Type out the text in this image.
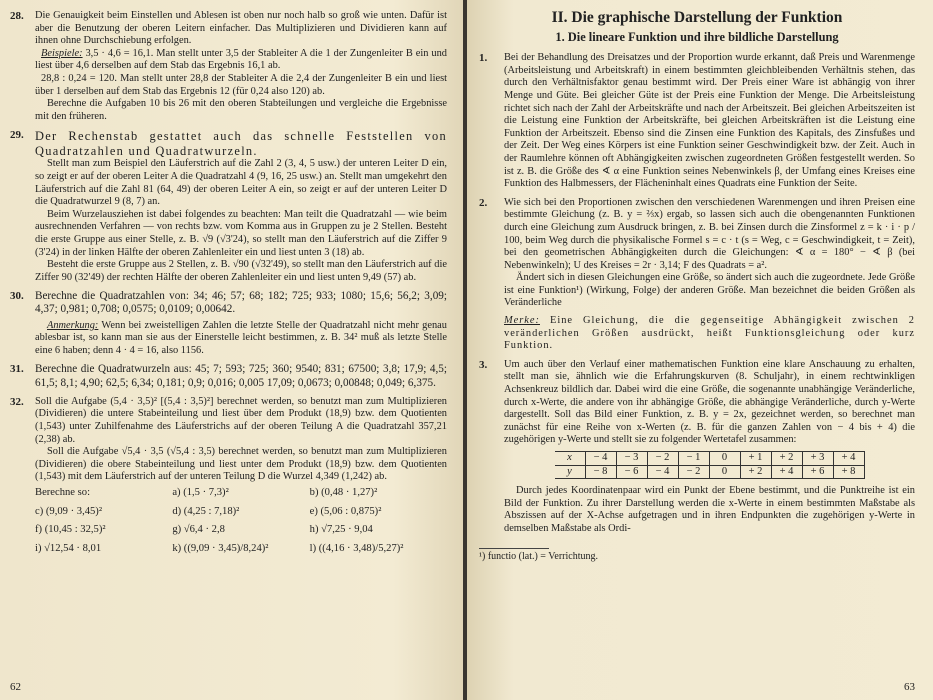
28.	Die Genauigkeit beim Einstellen und Ablesen ist oben nur noch halb so groß wie unten. Dafür ist aber die Benutzung der oberen Leitern einfacher. Das Multiplizieren und Dividieren kann auf ihnen ohne Durchschiebung erfolgen.

Beispiele: 3,5 · 4,6 = 16,1. Man stellt unter 3,5 der Stableiter A die 1 der Zungenleiter B ein und liest über 4,6 derselben auf dem Stab das Ergebnis 16,1 ab.

28,8 : 0,24 = 120. Man stellt unter 28,8 der Stableiter A die 2,4 der Zungenleiter B ein und liest über 1 derselben auf dem Stab das Ergebnis 12 (für 0,24 also 120) ab.

Berechne die Aufgaben 10 bis 26 mit den oberen Stabteilungen und vergleiche die Ergebnisse mit den früheren.

29. Der Rechenstab gestattet auch das schnelle Feststellen von Quadratzahlen und Quadratwurzeln.

Stellt man zum Beispiel den Läuferstrich auf die Zahl 2 (3, 4, 5 usw.) der unteren Leiter D ein, so zeigt er auf der oberen Leiter A die Quadratzahl 4 (9, 16, 25 usw.) an. Stellt man umgekehrt den Läuferstrich auf die Zahl 81 (64, 49) der oberen Leiter A ein, so zeigt er auf der unteren Leiter D die Quadratwurzel 9 (8, 7) an.

Beim Wurzelausziehen ist dabei folgendes zu beachten: Man teilt die Quadratzahl — wie beim ausrechnenden Verfahren — von rechts bzw. vom Komma aus in Gruppen zu je 2 Stellen. Besteht die erste Gruppe aus einer Stelle, z. B. √9 (√3'24), so stellt man den Läuferstrich auf die Ziffer 9 (3'24) in der linken Hälfte der oberen Zahlenleiter ein und liest unten 3 (18) ab.

Besteht die erste Gruppe aus 2 Stellen, z. B. √90 (√32'49), so stellt man den Läuferstrich auf die Ziffer 90 (32'49) der rechten Hälfte der oberen Zahlenleiter ein und liest unten 9,49 (57) ab.

30.	Berechne die Quadratzahlen von: 34; 46; 57; 68; 182; 725; 933; 1080; 15,6; 56,2; 3,09; 4,37; 0,981; 0,708; 0,0575; 0,0109; 0,00642.

Anmerkung: Wenn bei zweistelligen Zahlen die letzte Stelle der Quadratzahl nicht mehr genau ablesbar ist, so kann man sie aus der Einerstelle leicht bestimmen, z. B. 34² muß als letzte Stelle eine 6 haben; denn 4 · 4 = 16, also 1156.

31.	Berechne die Quadratwurzeln aus: 45; 7; 593; 725; 360; 9540; 831; 67500; 3,8; 17,9; 4,5; 61,5; 8,1; 4,90; 62,5; 6,34; 0,181; 0,9; 0,016; 0,005 17,09; 0,0673; 0,00848; 0,049; 6,375.

32.	Soll die Aufgabe (5,4 · 3,5)² [(5,4 : 3,5)²] berechnet werden, so benutzt man zum Multiplizieren (Dividieren) die untere Stabeinteilung und liest über dem Produkt (18,9) bzw. dem Quotienten (1,543) unter Zuhilfenahme des Läuferstrichs auf der oberen Teilung A die Quadratzahl 357,21 (2,38) ab.

Soll die Aufgabe √5,4 · 3,5 (√5,4 : 3,5) berechnet werden, so benutzt man zum Multiplizieren (Dividieren) die obere Stabeinteilung und liest unter dem Produkt (18,9) bzw. dem Quotienten (1,543) mit dem Läuferstrich auf der unteren Teilung D die Wurzel 4,349 (1,242) ab.

Berechne so:	a) (1,5 · 7,3)²	b) (0,48 · 1,27)²
c) (9,09 · 3,45)²	d) (4,25 : 7,18)²	e) (5,06 : 0,875)²
f) (10,45 : 32,5)²	g) √6,4 · 2,8	h) √7,25 · 9,04
i) √12,54 · 8,01	k) ((9,09 · 3,45)/8,24)²	l) ((4,16 · 3,48)/5,27)²
62
II. Die graphische Darstellung der Funktion
1. Die lineare Funktion und ihre bildliche Darstellung
1.	Bei der Behandlung des Dreisatzes und der Proportion wurde erkannt, daß Preis und Warenmenge (Arbeitsleistung und Arbeitskraft) in einem bestimmten gleichbleibenden Verhältnis stehen, das durch den Verhältnisfaktor genau bestimmt wird. Der Preis einer Ware ist abhängig von ihrer Menge und Güte. Bei gleicher Güte ist der Preis eine Funktion der Menge. Die Arbeitsleistung richtet sich nach der Zahl der Arbeitskräfte und nach der Arbeitszeit. Bei gleichen Arbeitszeiten ist die Leistung eine Funktion der Arbeitskräfte, bei gleichen Arbeitskräften ist die Leistung eine Funktion der Arbeitszeit. Ebenso sind die Zinsen eine Funktion des Kapitals, des Zinsfußes und der Zeit. Der Weg eines Körpers ist eine Funktion seiner Geschwindigkeit bzw. der Zeit. Auch in der Raumlehre können oft Abhängigkeiten zwischen zugeordneten Größen festgestellt werden. So ist z. B. die Größe des ∢ α eine Funktion seines Nebenwinkels β, der Umfang eines Kreises eine Funktion des Halbmessers, der Flächeninhalt eines Quadrats eine Funktion der Seite.

2.	Wie sich bei den Proportionen zwischen den verschiedenen Warenmengen und ihren Preisen eine bestimmte Gleichung (z. B. y = ⅔x) ergab, so lassen sich auch die obengenannten Funktionen durch eine Gleichung zum Ausdruck bringen, z. B. bei Zinsen durch die Zinsformel z = k · i · p / 100, beim Weg durch die physikalische Formel s = c · t (s = Weg, c = Geschwindigkeit, t = Zeit), bei den geometrischen Abhängigkeiten durch die Gleichungen: ∢ α = 180° − ∢ β (bei Nebenwinkeln); U des Kreises = 2r · 3,14; F des Quadrats = a².

Ändert sich in diesen Gleichungen eine Größe, so ändert sich auch die zugeordnete. Jede Größe ist eine Funktion¹) (Wirkung, Folge) der anderen Größe. Man bezeichnet die beiden Größen als Veränderliche

Merke: Eine Gleichung, die die gegenseitige Abhängigkeit zwischen 2 veränderlichen Größen ausdrückt, heißt Funktionsgleichung oder kurz Funktion.

3.	Um auch über den Verlauf einer mathematischen Funktion eine klare Anschauung zu erhalten, stellt man sie, ähnlich wie die Erfahrungskurven (8. Schuljahr), in einem rechtwinkligen Achsenkreuz bildlich dar. Dabei wird die eine Größe, die sogenannte unabhängige Veränderliche, durch x-Werte, die andere von ihr abhängige Größe, die abhängige Veränderliche, durch y-Werte dargestellt. Soll das Bild einer Funktion, z. B. y = 2x, gezeichnet werden, so berechnet man zunächst für eine Reihe von x-Werten (z. B. für die ganzen Zahlen von − 4 bis + 4) die zugehörigen y-Werte und stellt sie zu folgender Wertetafel zusammen:

x	− 4	− 3	− 2	− 1	0	+ 1	+ 2	+ 3	+ 4
y	− 8	− 6	− 4	− 2	0	+ 2	+ 4	+ 6	+ 8

Durch jedes Koordinatenpaar wird ein Punkt der Ebene bestimmt, und die Punktreihe ist ein Bild der Funktion. Zu ihrer Darstellung werden die x-Werte in einem bestimmten Maßstabe als Abszissen auf der X-Achse aufgetragen und in ihren Endpunkten die zugehörigen y-Werte in demselben Maßstabe als Ordi-

¹) functio (lat.) = Verrichtung.
63
